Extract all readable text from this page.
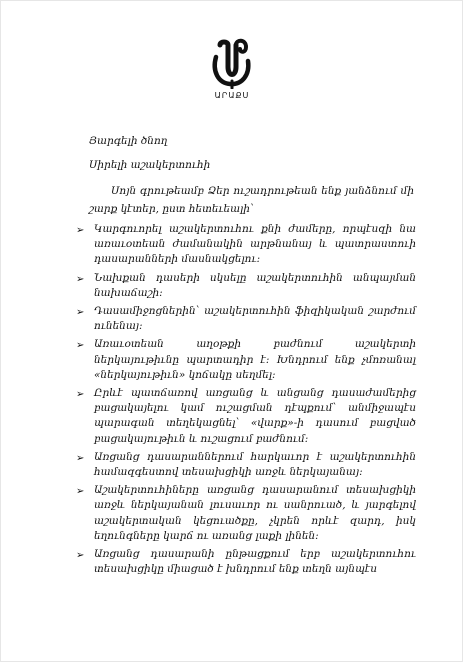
ԱՐԱՔՍ
Յարգելի ծնող
Սիրելի աշակերտուհի
Սոյն գրութեամբ Ձեր ուշադրութեան ենք յանձնում մի շարք կէտեր, ըստ հետեւեալի՝
➢ Կարգուորել աշակերտուհու քնի ժամերը, որպէսզի նա առաւօտեան ժամանակին արթնանայ և պատրաստուի դասարանների մասնակցելու:
➢ Նախքան դասերի սկսելը աշակերտուհին անպայման նախաճաշի:
➢ Դասամիջոցներին՝ աշակերտուհին ֆիզիկական շարժում ունենայ:
➢ Առաւօտեան աղօթքի բաժնում աշակերտի ներկայութիւնը պարտադիր է: Խնդրում ենք չմոռանալ «ներկայութիւն» կոճակը սեղմել:
➢ Ըրևէ պատճառով առցանց և անցանց դասաժամերից բացակայելու կամ ուշացման դէպքում՝ անմիջապէս պարագան տեղեկացնել՝ «վարք»-ի դասում բացված բացակայութիւն և ուշացում բաժնում:
➢ Առցանց դասարաններում հարկաւոր է աշակերտուհին համազգեստով տեսախցիկի առջև ներկայանայ:
➢ Աշակերտուհիները առցանց դասարանում տեսախցիկի առջև ներկայանան լուսաւոր ու սանրուած, և յարգելով աշակերտական կեցուածքը, չկրեն որևէ զարդ, իսկ եղունգները կարճ ու առանց լաքի լինեն:
➢ Առցանց դասարանի ընթացքում երբ աշակերտուհու տեսախցիկը միացած է խնդրում ենք տեղն այնպէս
